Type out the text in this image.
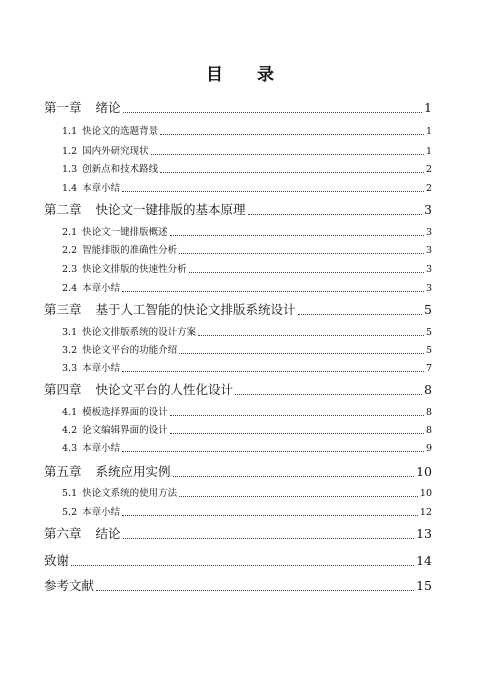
目 录
第一章 绪论	1
1.1 快论文的选题背景	1
1.2 国内外研究现状	1
1.3 创新点和技术路线	2
1.4 本章小结	2
第二章 快论文一键排版的基本原理	3
2.1 快论文一键排版概述	3
2.2 智能排版的准确性分析	3
2.3 快论文排版的快速性分析	3
2.4 本章小结	3
第三章 基于人工智能的快论文排版系统设计	5
3.1 快论文排版系统的设计方案	5
3.2 快论文平台的功能介绍	5
3.3 本章小结	7
第四章 快论文平台的人性化设计	8
4.1 模板选择界面的设计	8
4.2 论文编辑界面的设计	8
4.3 本章小结	9
第五章 系统应用实例	10
5.1 快论文系统的使用方法	10
5.2 本章小结	12
第六章 结论	13
致谢	14
参考文献	15
